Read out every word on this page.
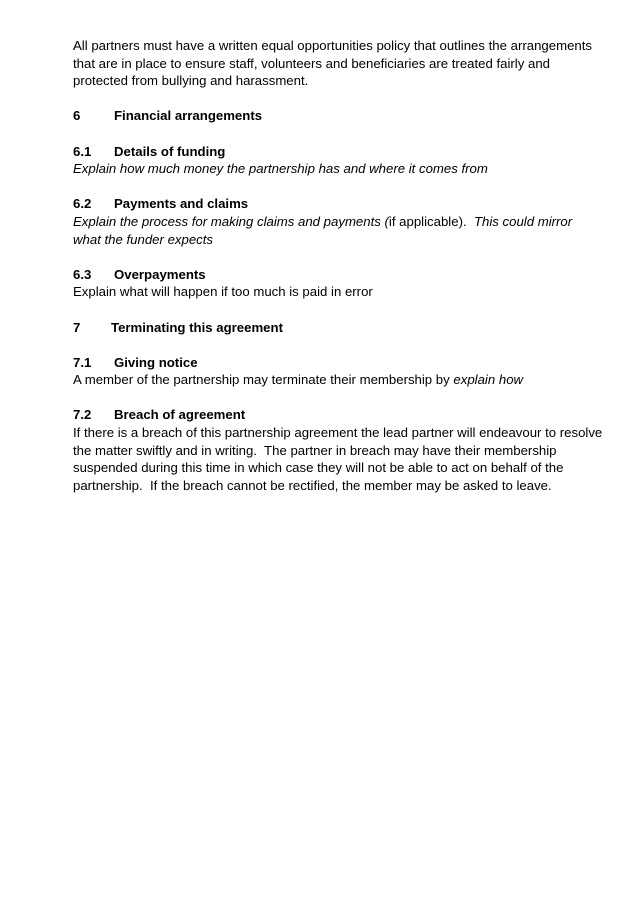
All partners must have a written equal opportunities policy that outlines the arrangements that are in place to ensure staff, volunteers and beneficiaries are treated fairly and protected from bullying and harassment.

6	Financial arrangements
6.1	Details of funding

Explain how much money the partnership has and where it comes from

6.2	Payments and claims

Explain the process for making claims and payments (if applicable).  This could mirror what the funder expects

6.3	Overpayments

Explain what will happen if too much is paid in error

7	Terminating this agreement
7.1	Giving notice

A member of the partnership may terminate their membership by explain how

7.2	Breach of agreement

If there is a breach of this partnership agreement the lead partner will endeavour to resolve the matter swiftly and in writing.  The partner in breach may have their membership suspended during this time in which case they will not be able to act on behalf of the partnership.  If the breach cannot be rectified, the member may be asked to leave.
